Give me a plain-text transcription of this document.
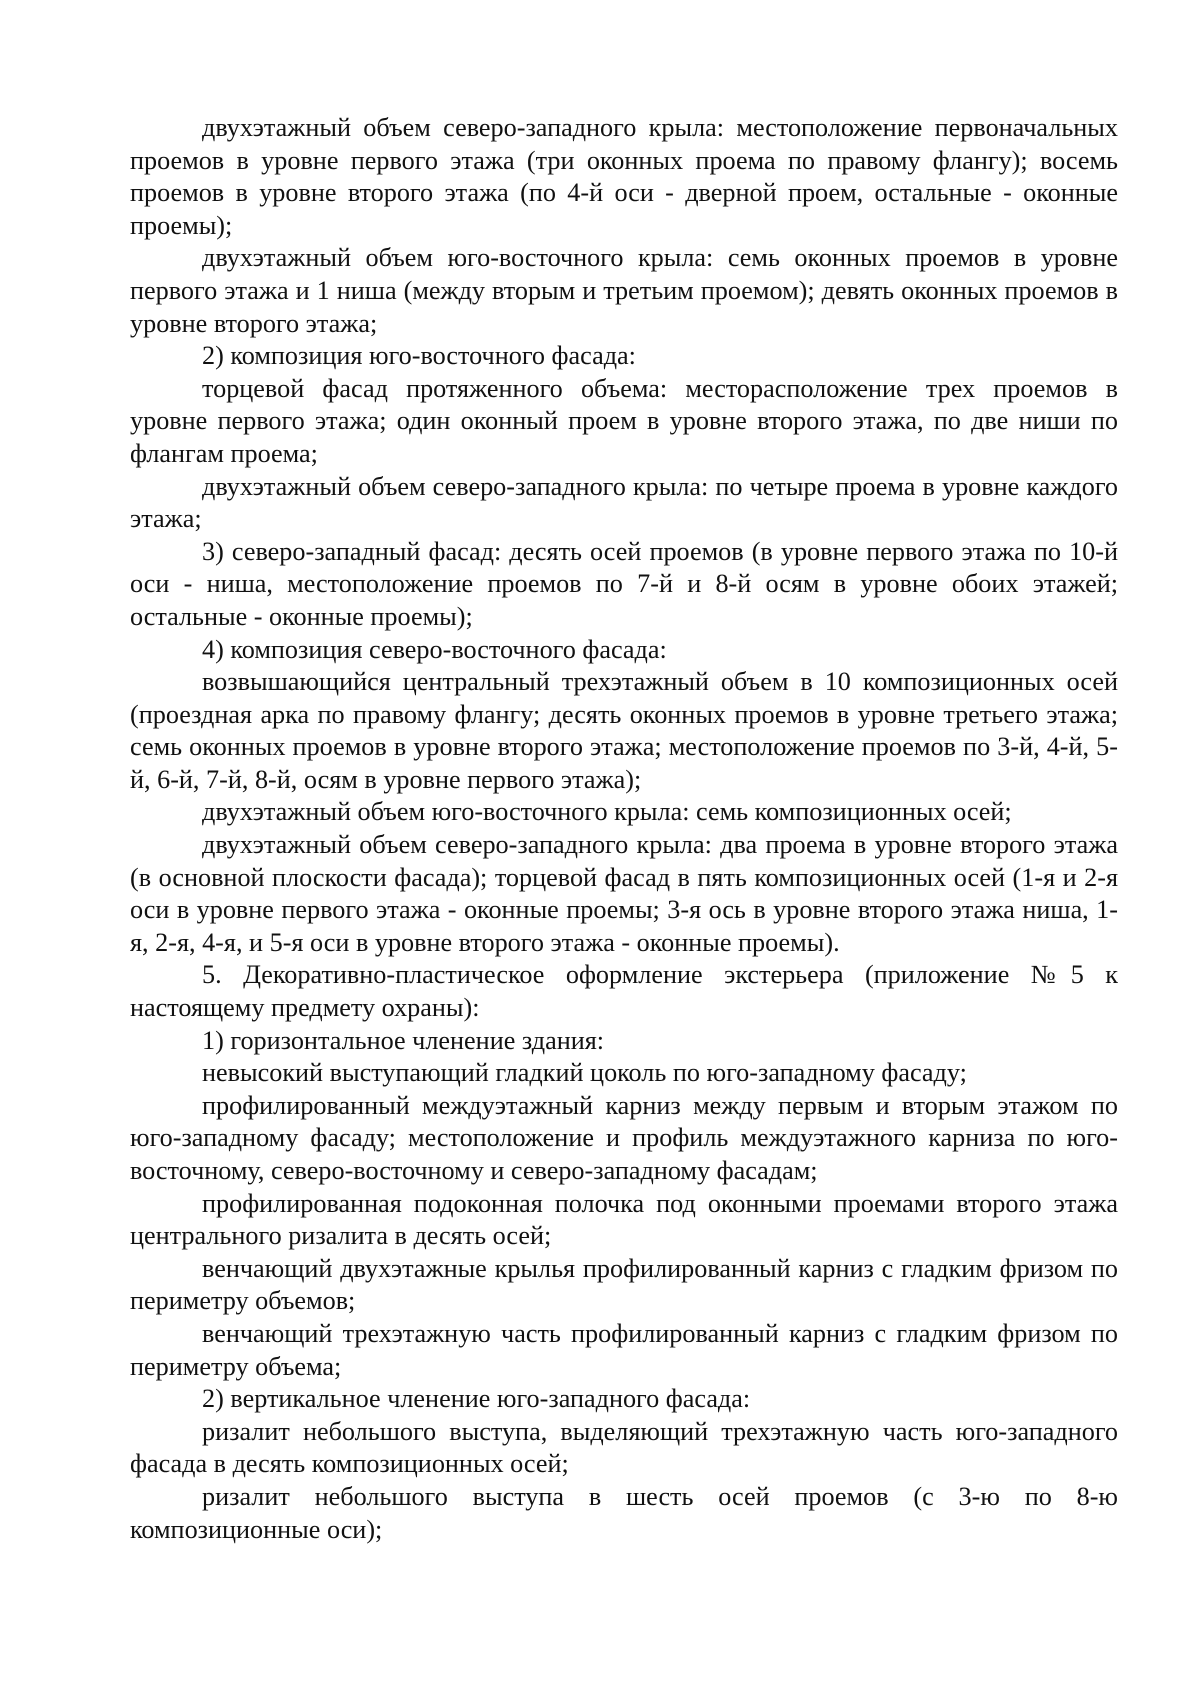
двухэтажный объем северо-западного крыла: местоположение первоначальных проемов в уровне первого этажа (три оконных проема по правому флангу); восемь проемов в уровне второго этажа (по 4-й оси - дверной проем, остальные - оконные проемы);

двухэтажный объем юго-восточного крыла: семь оконных проемов в уровне первого этажа и 1 ниша (между вторым и третьим проемом); девять оконных проемов в уровне второго этажа;

2) композиция юго-восточного фасада:

торцевой фасад протяженного объема: месторасположение трех проемов в уровне первого этажа; один оконный проем в уровне второго этажа, по две ниши по флангам проема;

двухэтажный объем северо-западного крыла: по четыре проема в уровне каждого этажа;

3) северо-западный фасад: десять осей проемов (в уровне первого этажа по 10-й оси - ниша, местоположение проемов по 7-й и 8-й осям в уровне обоих этажей; остальные - оконные проемы);

4) композиция северо-восточного фасада:

возвышающийся центральный трехэтажный объем в 10 композиционных осей (проездная арка по правому флангу; десять оконных проемов в уровне третьего этажа; семь оконных проемов в уровне второго этажа; местоположение проемов по 3-й, 4-й, 5-й, 6-й, 7-й, 8-й, осям в уровне первого этажа);

двухэтажный объем юго-восточного крыла: семь композиционных осей;

двухэтажный объем северо-западного крыла: два проема в уровне второго этажа (в основной плоскости фасада); торцевой фасад в пять композиционных осей (1-я и 2-я оси в уровне первого этажа - оконные проемы; 3-я ось в уровне второго этажа ниша, 1-я, 2-я, 4-я, и 5-я оси в уровне второго этажа - оконные проемы).

5. Декоративно-пластическое оформление экстерьера (приложение №5 к настоящему предмету охраны):

1) горизонтальное членение здания:

невысокий выступающий гладкий цоколь по юго-западному фасаду;

профилированный междуэтажный карниз между первым и вторым этажом по юго-западному фасаду; местоположение и профиль междуэтажного карниза по юго-восточному, северо-восточному и северо-западному фасадам;

профилированная подоконная полочка под оконными проемами второго этажа центрального ризалита в десять осей;

венчающий двухэтажные крылья профилированный карниз с гладким фризом по периметру объемов;

венчающий трехэтажную часть профилированный карниз с гладким фризом по периметру объема;

2) вертикальное членение юго-западного фасада:

ризалит небольшого выступа, выделяющий трехэтажную часть юго-западного фасада в десять композиционных осей;

ризалит небольшого выступа в шесть осей проемов (с 3-ю по 8-ю композиционные оси);
